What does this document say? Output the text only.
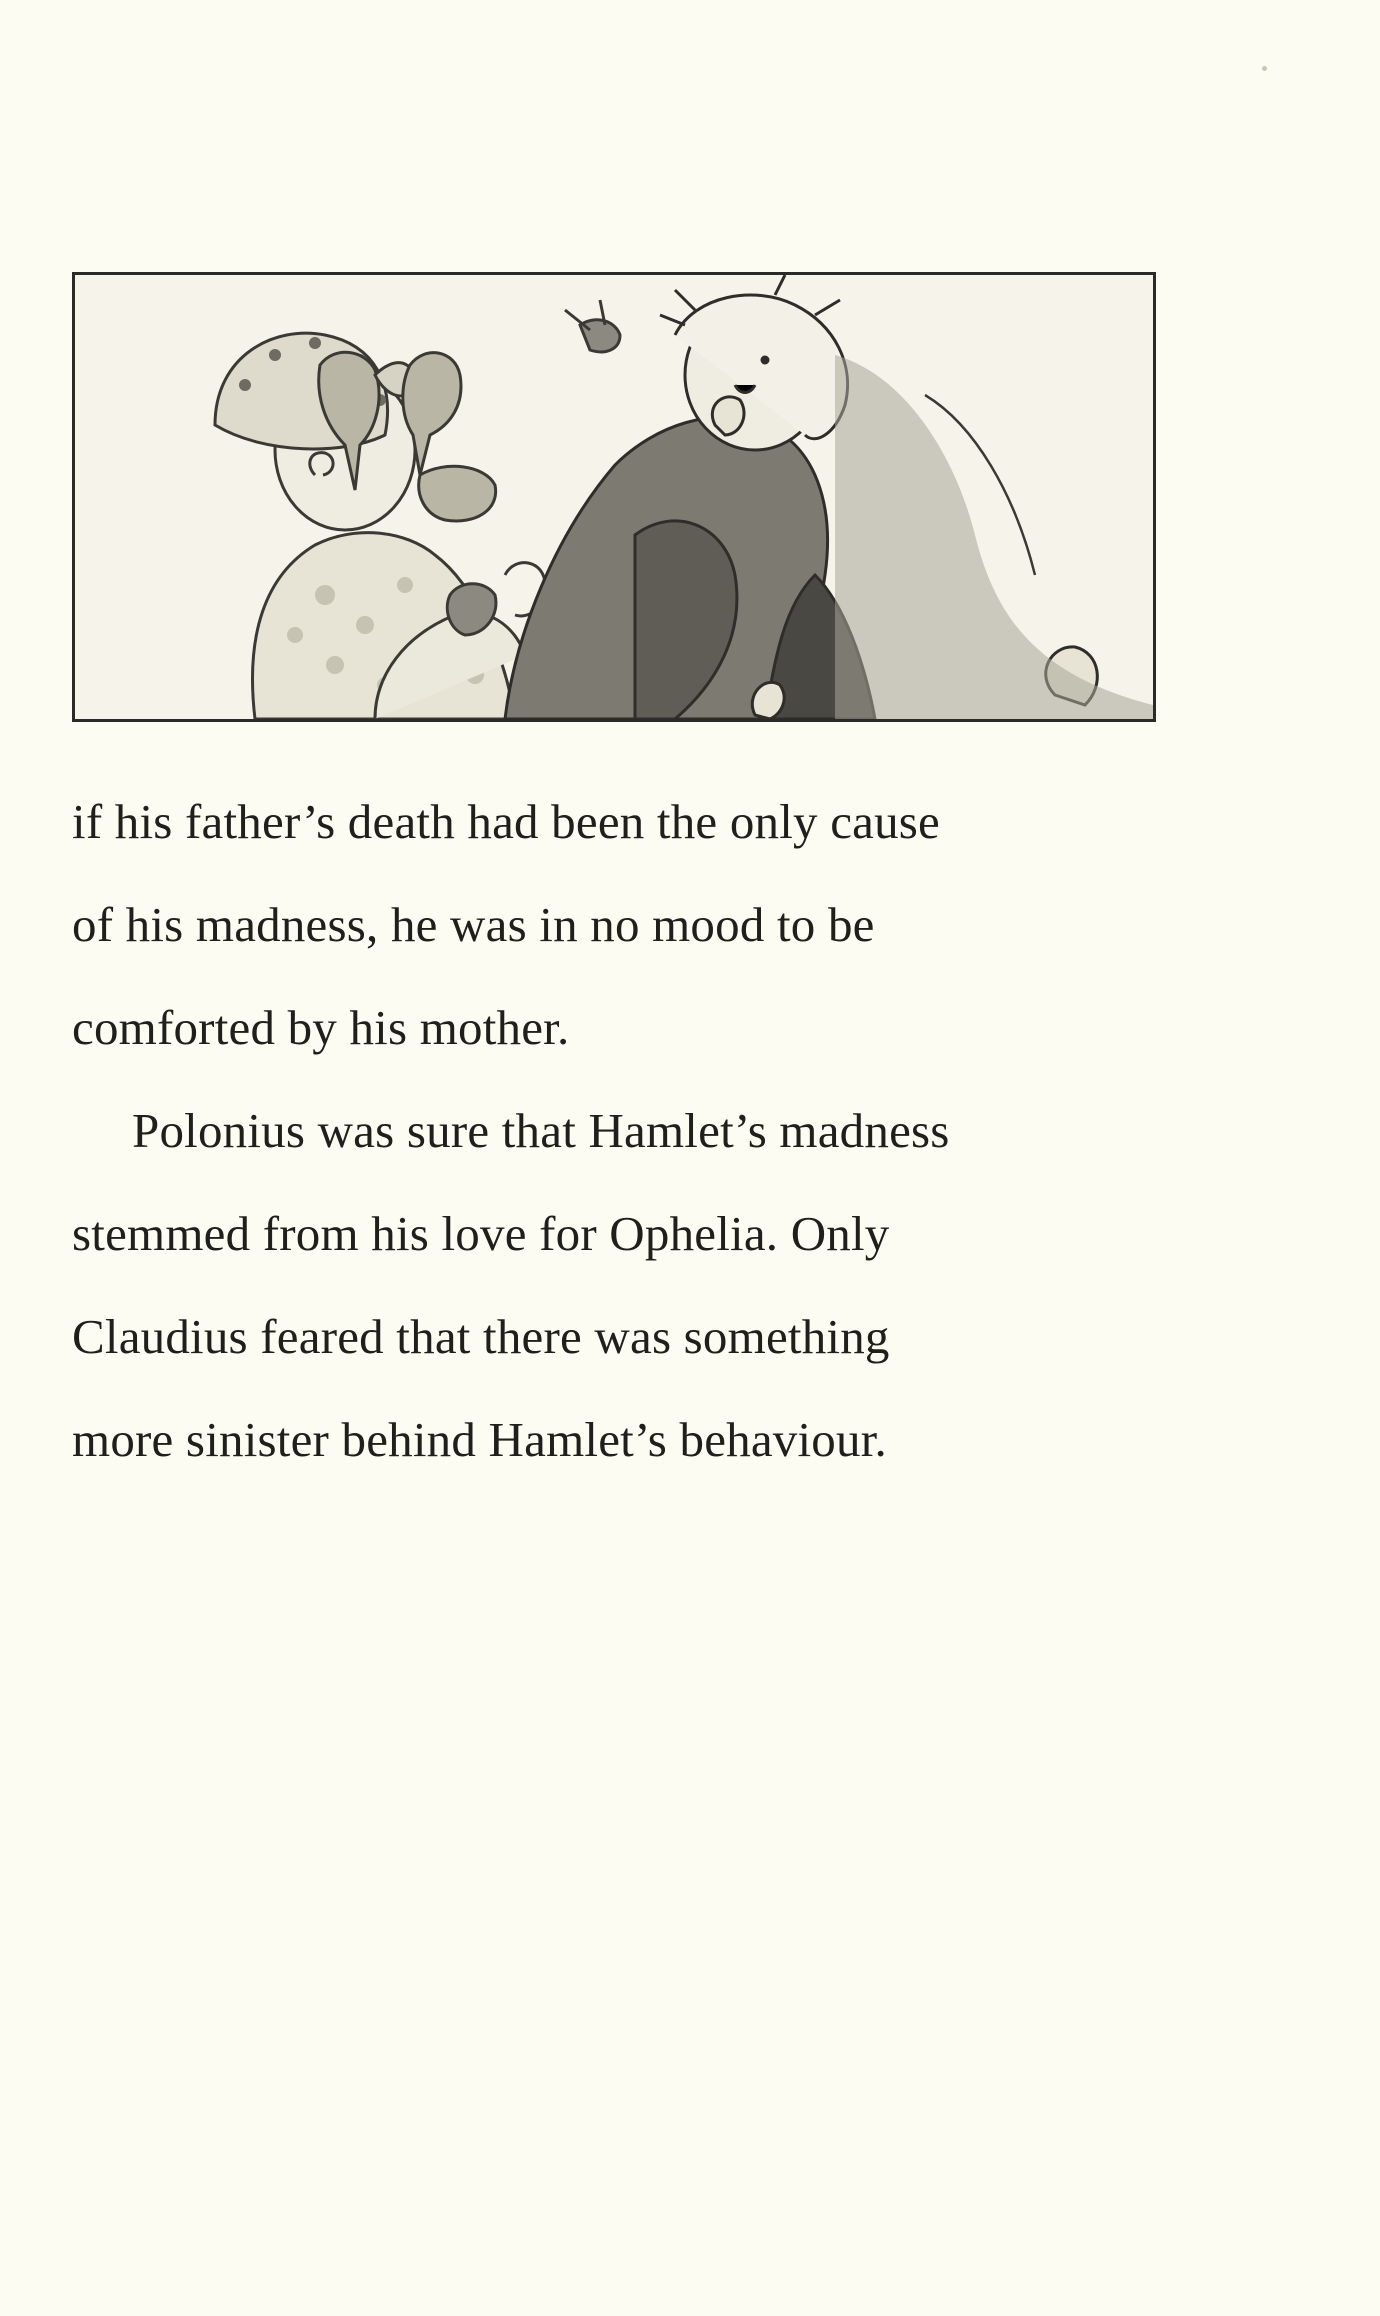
if his father’s death had been the only cause
of his madness, he was in no mood to be
comforted by his mother.

Polonius was sure that Hamlet’s madness
stemmed from his love for Ophelia. Only
Claudius feared that there was something
more sinister behind Hamlet’s behaviour.
